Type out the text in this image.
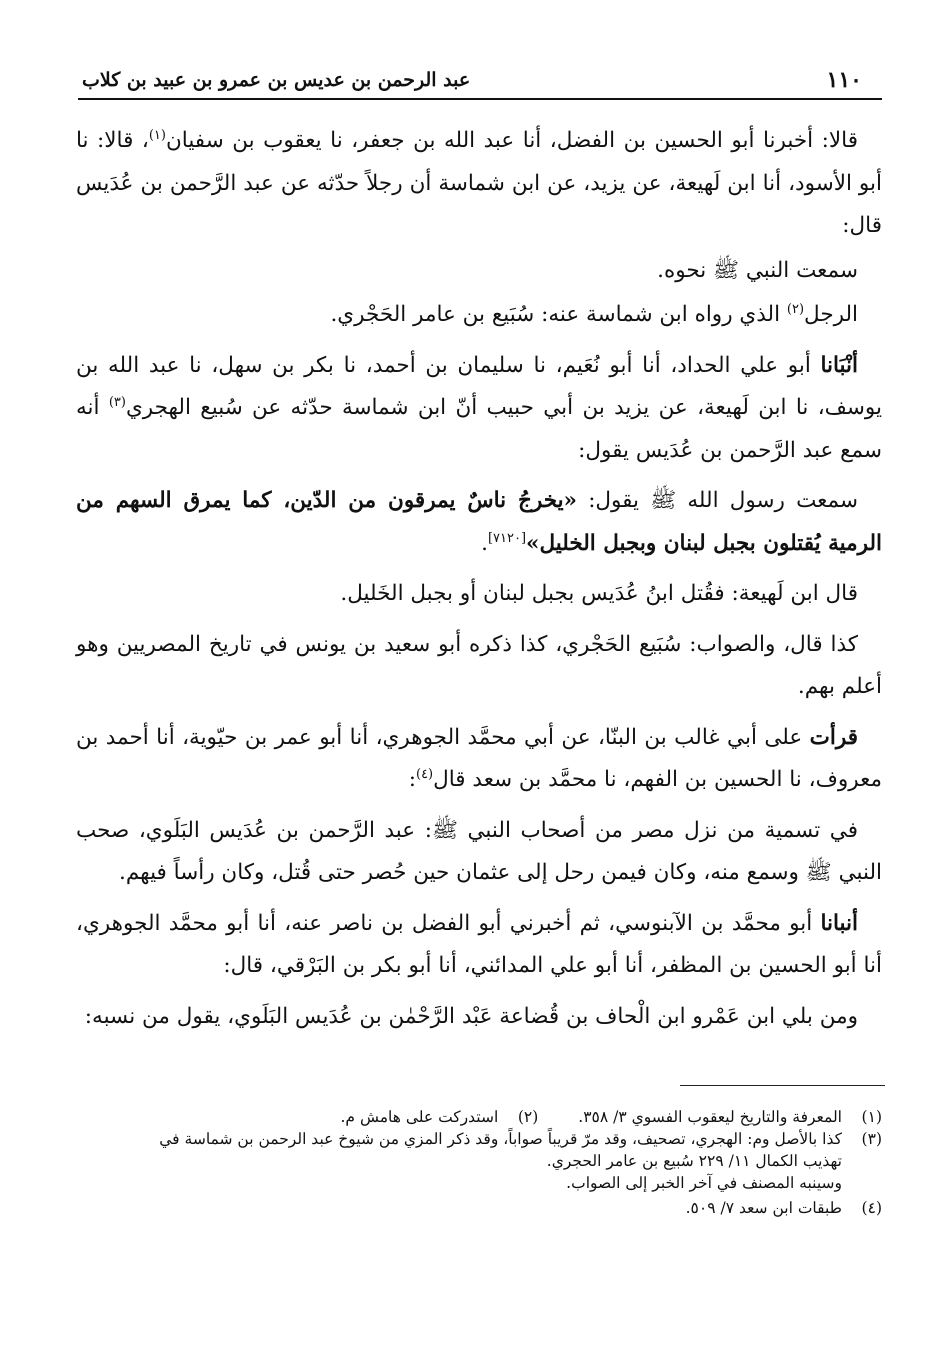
١١٠
عبد الرحمن بن عديس بن عمرو بن عبيد بن كلاب

قالا: أخبرنا أبو الحسين بن الفضل، أنا عبد الله بن جعفر، نا يعقوب بن سفيان$^{(١)}$، قالا: نا أبو الأسود، أنا ابن لَهيعة، عن يزيد، عن ابن شماسة أن رجلاً حدّثه عن عبد الرَّحمن بن عُدَيس قال:

سمعت النبي ﷺ نحوه.

الرجل$^{(٢)}$ الذي رواه ابن شماسة عنه: سُبَيع بن عامر الحَجْري.

أنْبَانا أبو علي الحداد، أنا أبو نُعَيم، نا سليمان بن أحمد، نا بكر بن سهل، نا عبد الله بن يوسف، نا ابن لَهيعة، عن يزيد بن أبي حبيب أنّ ابن شماسة حدّثه عن سُبيع الهجري$^{(٣)}$ أنه سمع عبد الرَّحمن بن عُدَيس يقول:

سمعت رسول الله ﷺ يقول: «يخرجُ ناسٌ يمرقون من الدّين، كما يمرق السهم من الرمية يُقتلون بجبل لبنان وبجبل الخليل»[٧١٢٠].

قال ابن لَهيعة: فقُتل ابنُ عُدَيس بجبل لبنان أو بجبل الخَليل.

كذا قال، والصواب: سُبَيع الحَجْري، كذا ذكره أبو سعيد بن يونس في تاريخ المصريين وهو أعلم بهم.

قرأت على أبي غالب بن البنّا، عن أبي محمَّد الجوهري، أنا أبو عمر بن حيّوية، أنا أحمد بن معروف، نا الحسين بن الفهم، نا محمَّد بن سعد قال$^{(٤)}$:

في تسمية من نزل مصر من أصحاب النبي ﷺ: عبد الرَّحمن بن عُدَيس البَلَوي، صحب النبي ﷺ وسمع منه، وكان فيمن رحل إلى عثمان حين حُصر حتى قُتل، وكان رأساً فيهم.

أنبانا أبو محمَّد بن الآبنوسي، ثم أخبرني أبو الفضل بن ناصر عنه، أنا أبو محمَّد الجوهري، أنا أبو الحسين بن المظفر، أنا أبو علي المدائني، أنا أبو بكر بن البَرْقي، قال:

ومن بلي ابن عَمْرو ابن الْحاف بن قُضاعة عَبْد الرَّحْمٰن بن عُدَيس البَلَوي، يقول من نسبه:

(١)
المعرفة والتاريخ ليعقوب الفسوي ٣/ ٣٥٨.
(٢)
استدركت على هامش م.
(٣)
كذا بالأصل وم: الهجري، تصحيف، وقد مرّ قريباً صواباً، وقد ذكر المزي من شيوخ عبد الرحمن بن شماسة في
تهذيب الكمال ١١/ ٢٢٩ سُبيع بن عامر الحجري.
وسينبه المصنف في آخر الخبر إلى الصواب.
(٤)
طبقات ابن سعد ٧/ ٥٠٩.
